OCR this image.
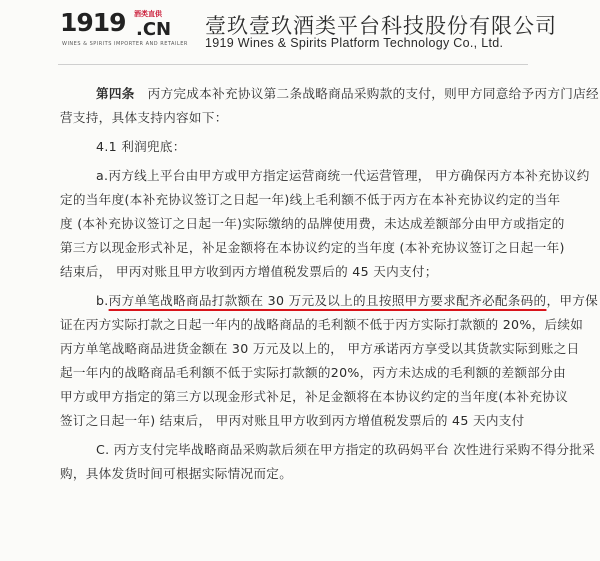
1919 酒类直供
.CN
WINES & SPIRITS IMPORTER AND RETAILER
壹玖壹玖酒类平台科技股份有限公司
1919 Wines & Spirits Platform Technology Co., Ltd.
第四条 丙方完成本补充协议第二条战略商品采购款的支付，则甲方同意给予丙方门店经
营支持，具体支持内容如下：
4.1 利润兜底：
a.丙方线上平台由甲方或甲方指定运营商统一代运营管理， 甲方确保丙方本补充协议约
定的当年度(本补充协议签订之日起一年)线上毛利额不低于丙方在本补充协议约定的当年
度 (本补充协议签订之日起一年)实际缴纳的品牌使用费，未达成差额部分由甲方或指定的
第三方以现金形式补足，补足金额将在本协议约定的当年度 (本补充协议签订之日起一年)
结束后， 甲丙对账且甲方收到丙方增值税发票后的 45 天内支付；
b.丙方单笔战略商品打款额在 30 万元及以上的且按照甲方要求配齐必配条码的，甲方保
证在丙方实际打款之日起一年内的战略商品的毛利额不低于丙方实际打款额的 20%，后续如
丙方单笔战略商品进货金额在 30 万元及以上的， 甲方承诺丙方享受以其货款实际到账之日
起一年内的战略商品毛利额不低于实际打款额的20%，丙方未达成的毛利额的差额部分由
甲方或甲方指定的第三方以现金形式补足，补足金额将在本协议约定的当年度(本补充协议
签订之日起一年) 结束后， 甲丙对账且甲方收到丙方增值税发票后的 45 天内支付
C. 丙方支付完毕战略商品采购款后须在甲方指定的玖码妈平台 次性进行采购不得分批采
购，具体发货时间可根据实际情况而定。
